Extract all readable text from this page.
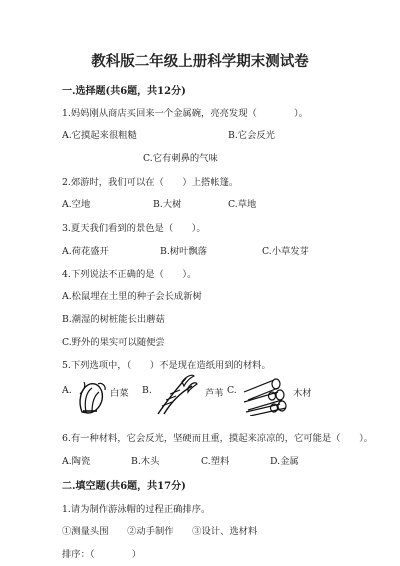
教科版二年级上册科学期末测试卷
一.选择题(共6题，共12分)
1.妈妈刚从商店买回来一个金属碗，亮亮发现（　　　　）。
A.它摸起来很粗糙	B.它会反光
C.它有刺鼻的气味
2.郊游时，我们可以在（　　）上搭帐篷。
A.空地	B.大树	C.草地
3.夏天我们看到的景色是（　　）。
A.荷花盛开	B.树叶飘落	C.小草发芽
4.下列说法不正确的是（　　）。
A.松鼠埋在土里的种子会长成新树
B.潮湿的树桩能长出蘑菇
C.野外的果实可以随便尝
5.下列选项中，（　　）不是现在造纸用到的材料。
A.	白菜 B.	芦苇 C.	木材
6.有一种材料，它会反光，坚硬而且重，摸起来凉凉的，它可能是（　　）。
A.陶瓷	B.木头	C.塑料	D.金属
二.填空题(共6题，共17分)
1.请为制作游泳帽的过程正确排序。
①测量头围　　②动手制作　　③设计、选材料
排序：（　　　　）
